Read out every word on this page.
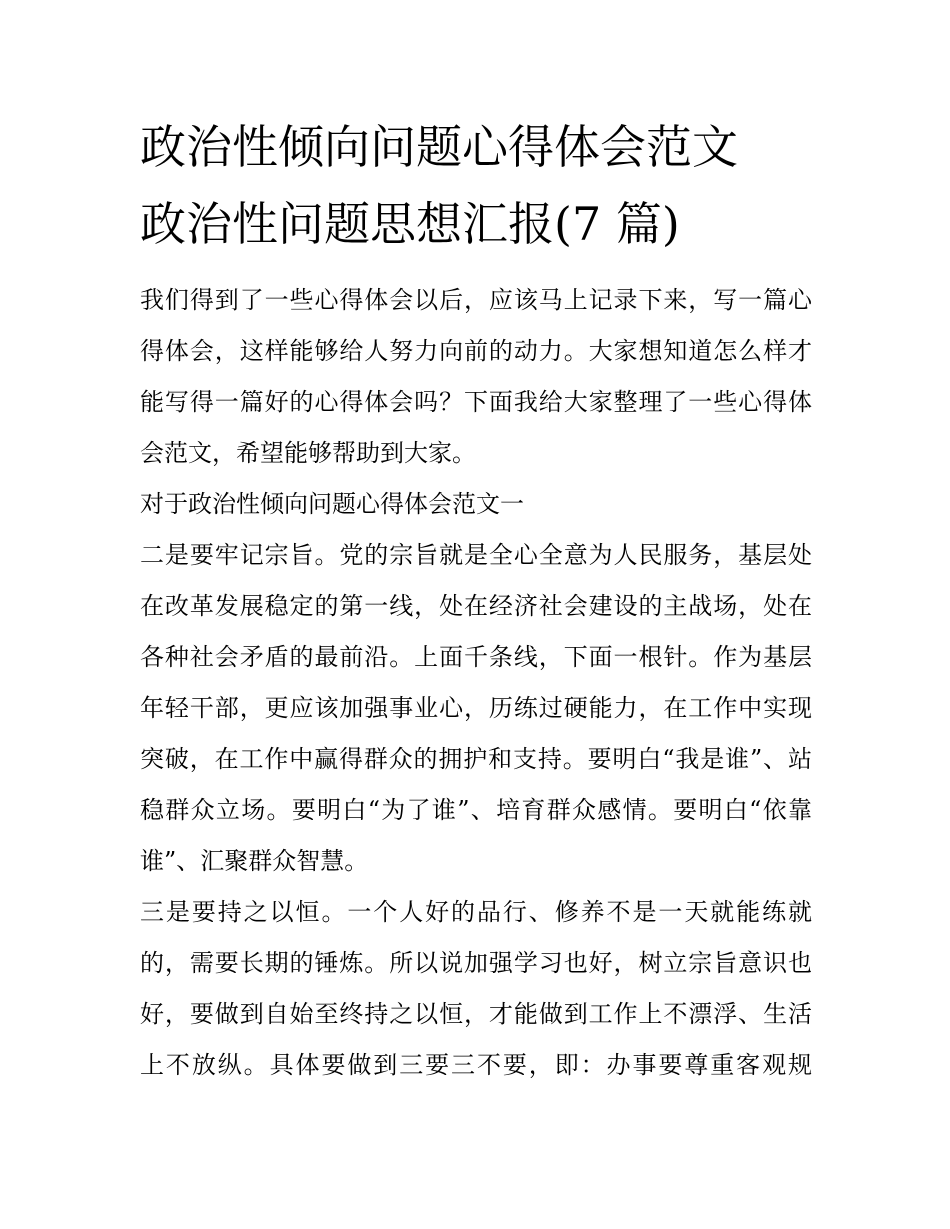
政治性倾向问题心得体会范文
政治性问题思想汇报(7 篇)

我们得到了一些心得体会以后，应该马上记录下来，写一篇心

得体会，这样能够给人努力向前的动力。大家想知道怎么样才

能写得一篇好的心得体会吗？下面我给大家整理了一些心得体

会范文，希望能够帮助到大家。

对于政治性倾向问题心得体会范文一

二是要牢记宗旨。党的宗旨就是全心全意为人民服务，基层处

在改革发展稳定的第一线，处在经济社会建设的主战场，处在

各种社会矛盾的最前沿。上面千条线，下面一根针。作为基层

年轻干部，更应该加强事业心，历练过硬能力，在工作中实现

突破，在工作中赢得群众的拥护和支持。要明白“我是谁”、站

稳群众立场。要明白“为了谁”、培育群众感情。要明白“依靠

谁”、汇聚群众智慧。

三是要持之以恒。一个人好的品行、修养不是一天就能练就

的，需要长期的锤炼。所以说加强学习也好，树立宗旨意识也

好，要做到自始至终持之以恒，才能做到工作上不漂浮、生活

上不放纵。具体要做到三要三不要，即：办事要尊重客观规
